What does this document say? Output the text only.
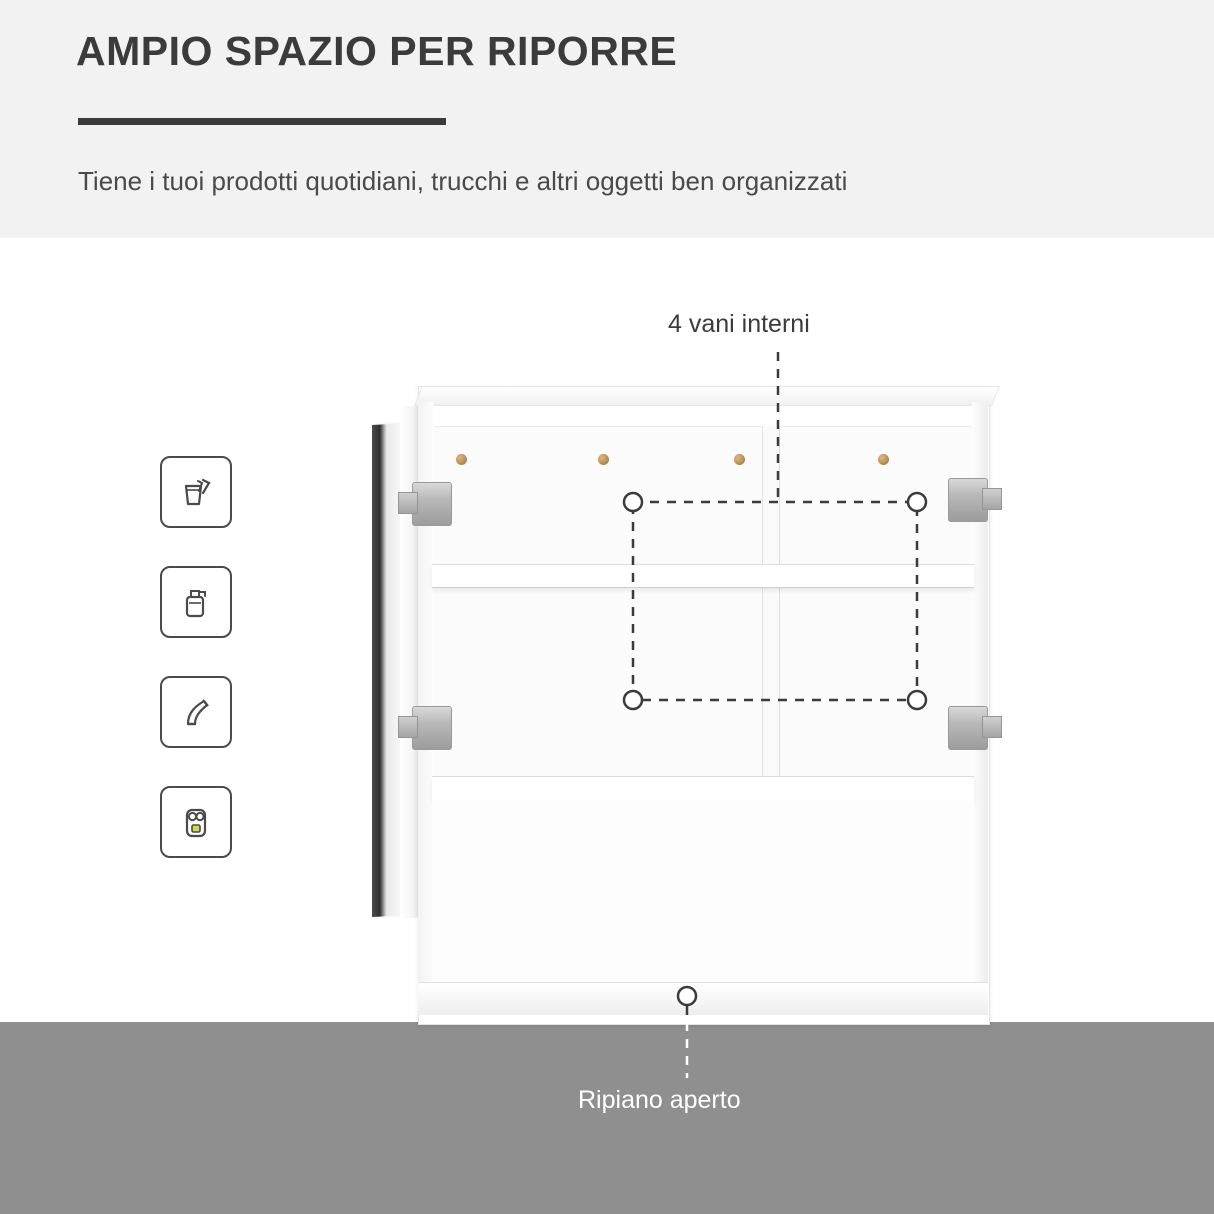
AMPIO SPAZIO PER RIPORRE
Tiene i tuoi prodotti quotidiani, trucchi e altri oggetti ben organizzati
4 vani interni
Ripiano aperto
